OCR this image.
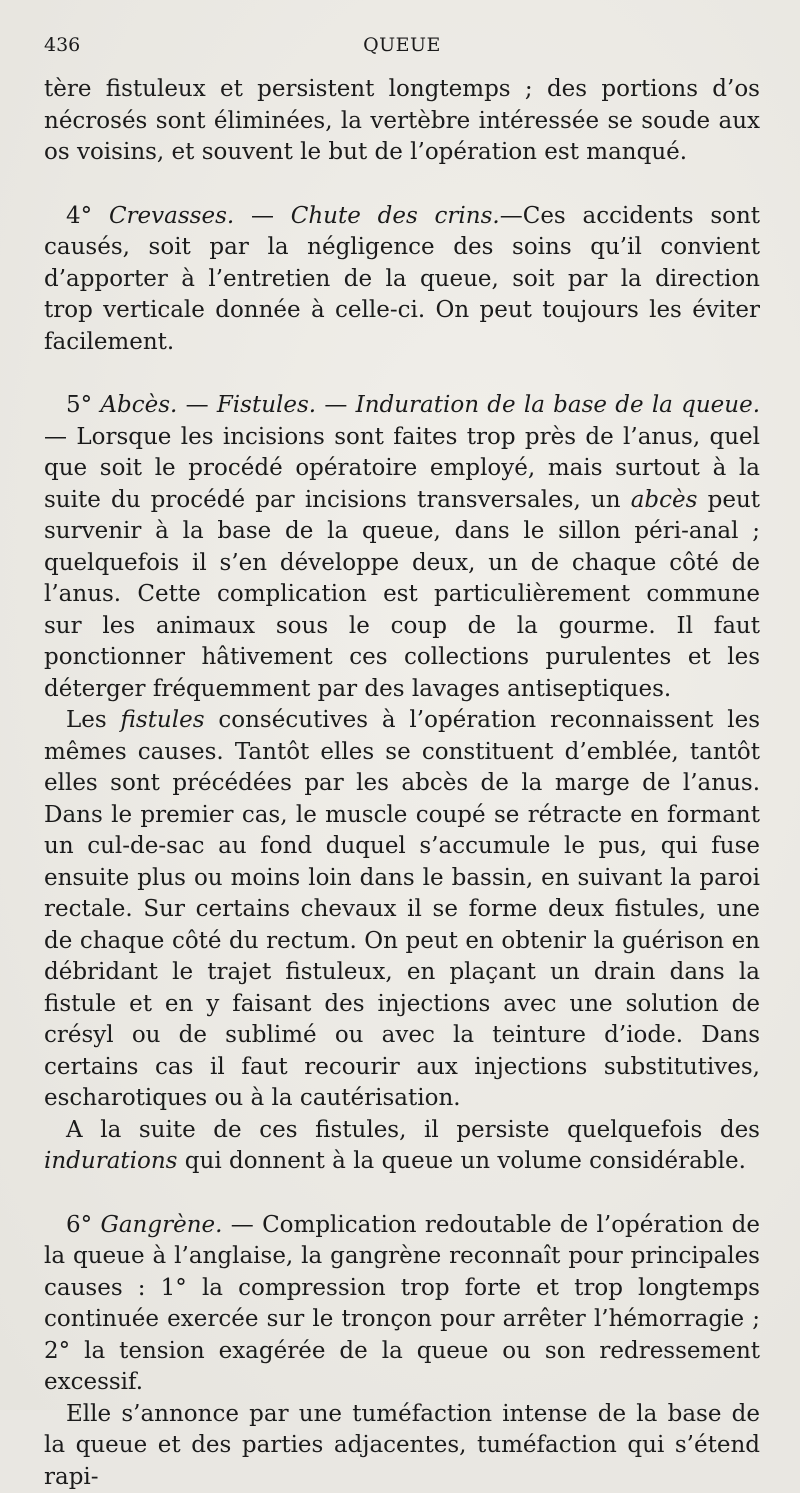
436	QUEUE

tère fistuleux et persistent longtemps ; des portions d’os nécrosés sont éliminées, la vertèbre intéressée se soude aux os voisins, et souvent le but de l’opération est manqué.

4° Crevasses. — Chute des crins.—Ces accidents sont causés, soit par la négligence des soins qu’il convient d’apporter à l’entretien de la queue, soit par la direction trop verticale donnée à celle-ci. On peut toujours les éviter facilement.

5° Abcès. — Fistules. — Induration de la base de la queue. — Lorsque les incisions sont faites trop près de l’anus, quel que soit le procédé opératoire employé, mais surtout à la suite du procédé par incisions transversales, un abcès peut survenir à la base de la queue, dans le sillon péri-anal ; quelquefois il s’en développe deux, un de chaque côté de l’anus. Cette complication est particulièrement commune sur les animaux sous le coup de la gourme. Il faut ponctionner hâtivement ces collections purulentes et les déterger fréquemment par des lavages antiseptiques.

Les fistules consécutives à l’opération reconnaissent les mêmes causes. Tantôt elles se constituent d’emblée, tantôt elles sont précédées par les abcès de la marge de l’anus. Dans le premier cas, le muscle coupé se rétracte en formant un cul-de-sac au fond duquel s’accumule le pus, qui fuse ensuite plus ou moins loin dans le bassin, en suivant la paroi rectale. Sur certains chevaux il se forme deux fistules, une de chaque côté du rectum. On peut en obtenir la guérison en débridant le trajet fistuleux, en plaçant un drain dans la fistule et en y faisant des injections avec une solution de crésyl ou de sublimé ou avec la teinture d’iode. Dans certains cas il faut recourir aux injections substitutives, escharotiques ou à la cautérisation.

A la suite de ces fistules, il persiste quelquefois des indurations qui donnent à la queue un volume considérable.

6° Gangrène. — Complication redoutable de l’opération de la queue à l’anglaise, la gangrène reconnaît pour principales causes : 1° la compression trop forte et trop longtemps continuée exercée sur le tronçon pour arrêter l’hémorragie ; 2° la tension exagérée de la queue ou son redressement excessif.

Elle s’annonce par une tuméfaction intense de la base de la queue et des parties adjacentes, tuméfaction qui s’étend rapi-
